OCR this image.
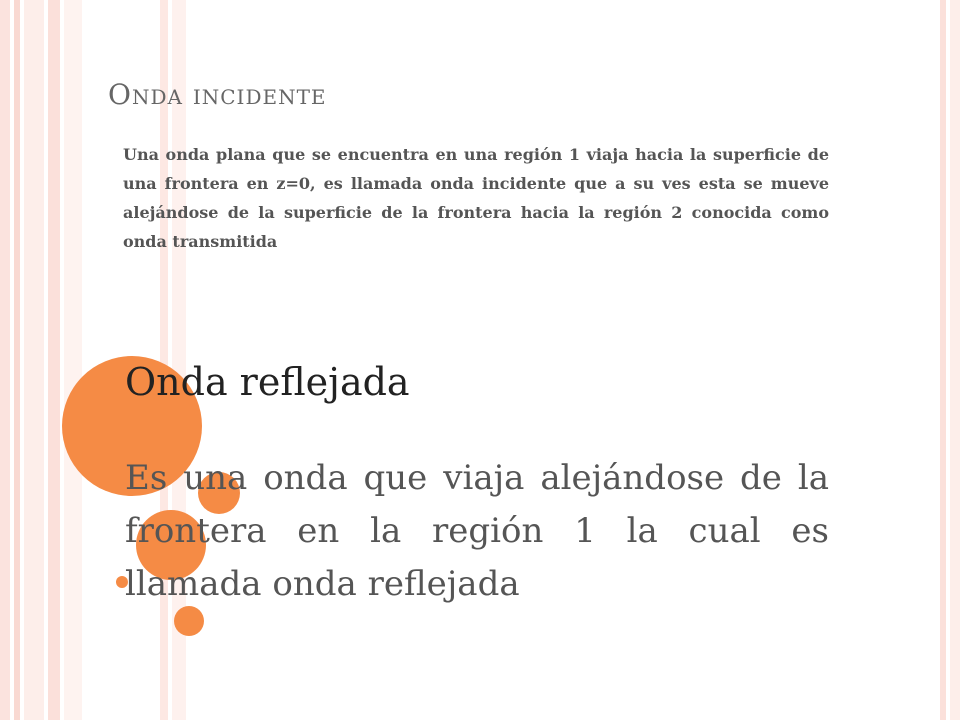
Onda incidente

Una onda plana que se encuentra en una región 1 viaja hacia la superficie de una frontera en z=0, es llamada onda incidente que a su ves esta se mueve alejándose de la superficie de la frontera hacia la región 2 conocida como onda transmitida

Onda reflejada

Es una onda que viaja alejándose de la frontera en la región 1 la cual es llamada onda reflejada
